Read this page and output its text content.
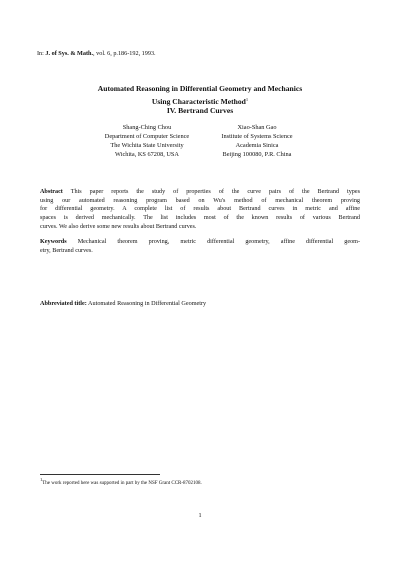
In: J. of Sys. & Math., vol. 6, p.186-192, 1993.
Automated Reasoning in Differential Geometry and Mechanics
Using Characteristic Method$^1$
IV. Bertrand Curves
Shang-Ching Chou
Department of Computer Science
The Wichita State University
Wichita, KS 67208, USA
Xiao-Shan Gao
Institute of Systems Science
Academia Sinica
Beijing 100080, P.R. China
Abstract This paper reports the study of properties of the curve pairs of the Bertrand types
using our automated reasoning program based on Wu's method of mechanical theorem proving
for differential geometry. A complete list of results about Bertrand curves in metric and affine
spaces is derived mechanically. The list includes most of the known results of various Bertrand
curves. We also derive some new results about Bertrand curves.
Keywords Mechanical theorem proving, metric differential geometry, affine differential geom-
etry, Bertrand curves.
Abbreviated title: Automated Reasoning in Differential Geometry
$^1$The work reported here was supported in part by the NSF Grant CCR-8702108.
1
